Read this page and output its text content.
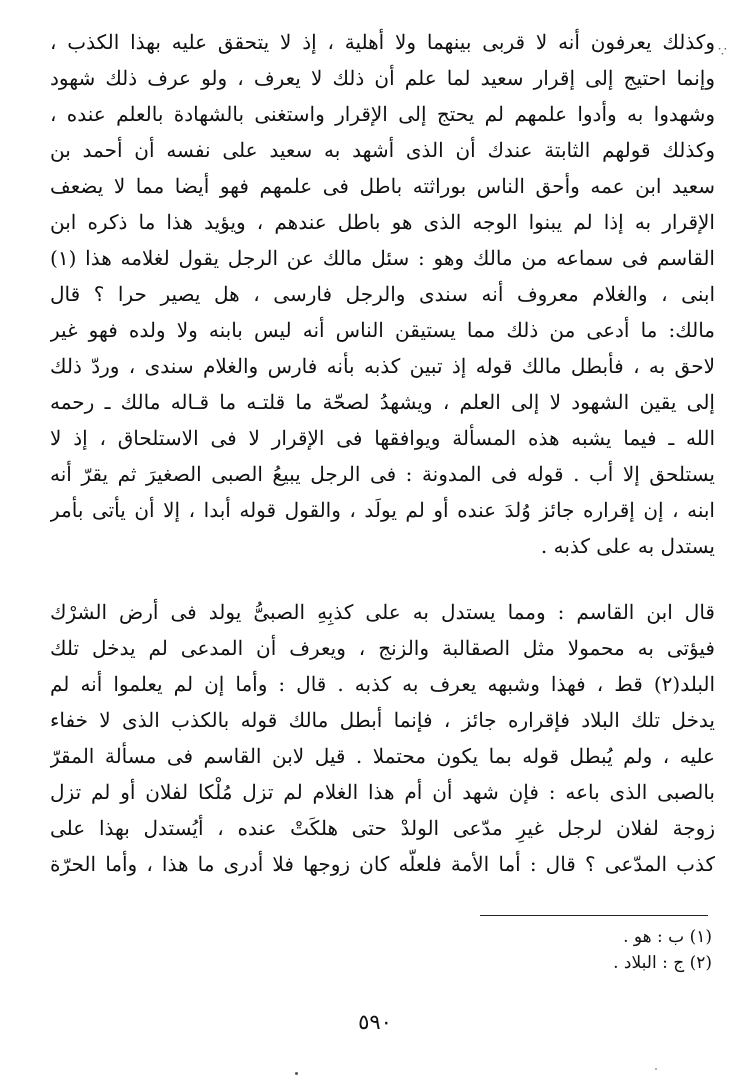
∵
وكذلك يعرفون أنه لا قربى بينهما ولا أهلية ، إذ لا يتحقق عليه بهذا الكذب ،
وإنما احتيج إلى إقرار سعيد لما علم أن ذلك لا يعرف ، ولو عرف ذلك شهود
وشهدوا به وأدوا علمهم لم يحتج إلى الإقرار واستغنى بالشهادة بالعلم عنده ،
وكذلك قولهم الثابتة عندك أن الذى أشهد به سعيد على نفسه أن أحمد بن
سعيد ابن عمه وأحق الناس بوراثته باطل فى علمهم فهو أيضا مما لا يضعف
الإقرار به إذا لم يبنوا الوجه الذى هو باطل عندهم ، ويؤيد هذا ما ذكره ابن
القاسم فى سماعه من مالك وهو : سئل مالك عن الرجل يقول لغلامه هذا (١)
ابنى ، والغلام معروف أنه سندى والرجل فارسى ، هل يصير حرا ؟ قال
مالك: ما أدعى من ذلك مما يستيقن الناس أنه ليس بابنه ولا ولده فهو غير
لاحق به ، فأبطل مالك قوله إذ تبين كذبه بأنه فارس والغلام سندى ، وردّ ذلك
إلى يقين الشهود لا إلى العلم ، ويشهدُ لصحّة ما قلتـه ما قـاله مالك ـ رحمه
الله ـ فيما يشبه هذه المسألة ويوافقها فى الإقرار لا فى الاستلحاق ، إذ لا
يستلحق إلا أب . قوله فى المدونة : فى الرجل يبيعُ الصبى الصغيرَ ثم يقرّ أنه
ابنه ، إن إقراره جائز وُلدَ عنده أو لم يولَد ، والقول قوله أبدا ، إلا أن يأتى بأمر
يستدل به على كذبه .
قال ابن القاسم : ومما يستدل به على كذبِهِ الصبىُّ يولد فى أرض الشرْك
فيؤتى به محمولا مثل الصقالبة والزنج ، ويعرف أن المدعى لم يدخل تلك
البلد(٢) قط ، فهذا وشبهه يعرف به كذبه . قال : وأما إن لم يعلموا أنه لم
يدخل تلك البلاد فإقراره جائز ، فإنما أبطل مالك قوله بالكذب الذى لا خفاء
عليه ، ولم يُبطل قوله بما يكون محتملا . قيل لابن القاسم فى مسألة المقرّ
بالصبى الذى باعه : فإن شهد أن أم هذا الغلام لم تزل مُلْكا لفلان أو لم تزل
زوجة لفلان لرجل غيرِ مدّعى الولدْ حتى هلكَتْ عنده ، أيُستدل بهذا على
كذب المدّعى ؟ قال : أما الأمة فلعلّه كان زوجها فلا أدرى ما هذا ، وأما الحرّة
(١) ب : هو .
(٢) ج : البلاد .
٥٩٠
